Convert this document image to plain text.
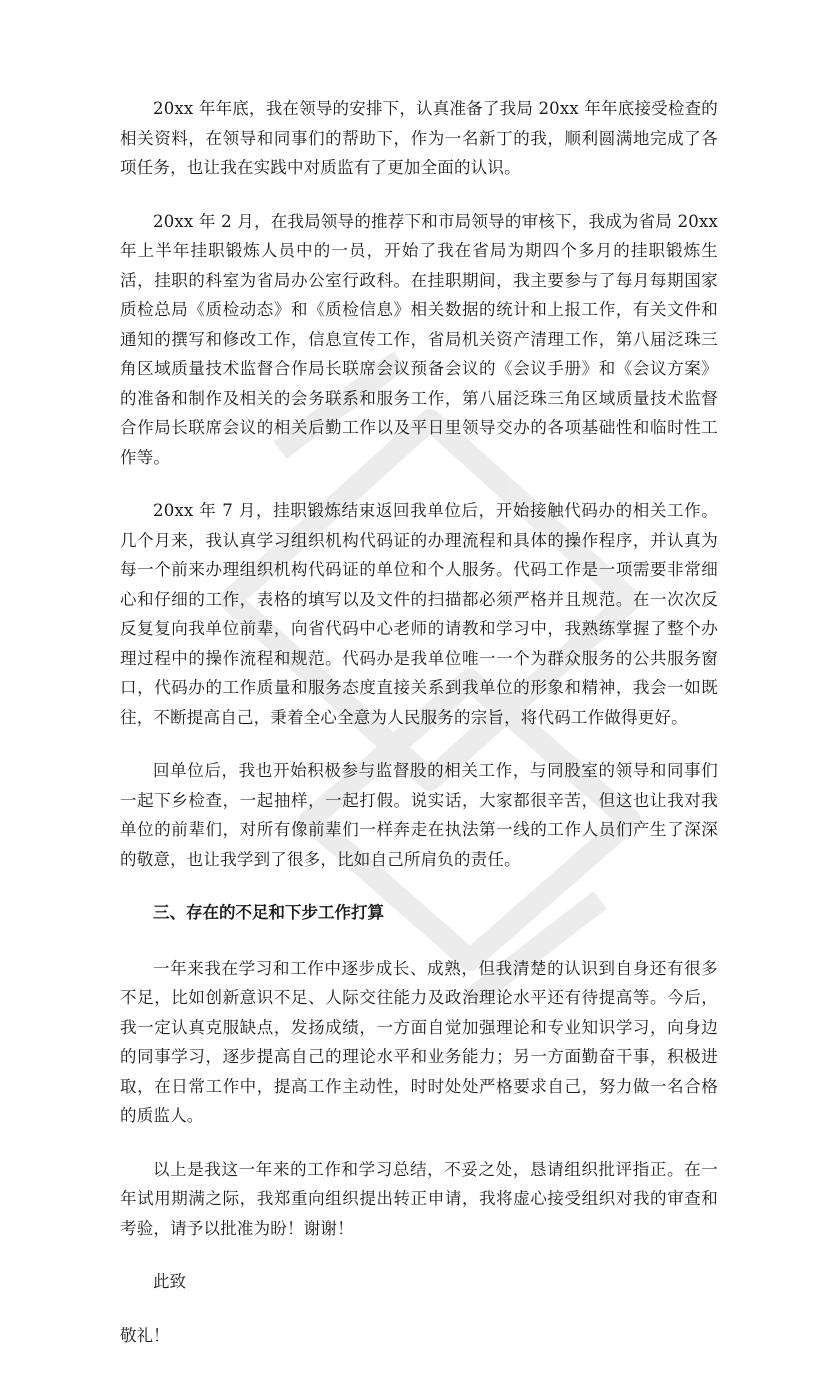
20xx 年年底，我在领导的安排下，认真准备了我局 20xx 年年底接受检查的相关资料，在领导和同事们的帮助下，作为一名新丁的我，顺利圆满地完成了各项任务，也让我在实践中对质监有了更加全面的认识。

20xx 年 2 月，在我局领导的推荐下和市局领导的审核下，我成为省局 20xx 年上半年挂职锻炼人员中的一员，开始了我在省局为期四个多月的挂职锻炼生活，挂职的科室为省局办公室行政科。在挂职期间，我主要参与了每月每期国家质检总局《质检动态》和《质检信息》相关数据的统计和上报工作，有关文件和通知的撰写和修改工作，信息宣传工作，省局机关资产清理工作，第八届泛珠三角区域质量技术监督合作局长联席会议预备会议的《会议手册》和《会议方案》的准备和制作及相关的会务联系和服务工作，第八届泛珠三角区域质量技术监督合作局长联席会议的相关后勤工作以及平日里领导交办的各项基础性和临时性工作等。

20xx 年 7 月，挂职锻炼结束返回我单位后，开始接触代码办的相关工作。几个月来，我认真学习组织机构代码证的办理流程和具体的操作程序，并认真为每一个前来办理组织机构代码证的单位和个人服务。代码工作是一项需要非常细心和仔细的工作，表格的填写以及文件的扫描都必须严格并且规范。在一次次反反复复向我单位前辈，向省代码中心老师的请教和学习中，我熟练掌握了整个办理过程中的操作流程和规范。代码办是我单位唯一一个为群众服务的公共服务窗口，代码办的工作质量和服务态度直接关系到我单位的形象和精神，我会一如既往，不断提高自己，秉着全心全意为人民服务的宗旨，将代码工作做得更好。

回单位后，我也开始积极参与监督股的相关工作，与同股室的领导和同事们一起下乡检查，一起抽样，一起打假。说实话，大家都很辛苦，但这也让我对我单位的前辈们，对所有像前辈们一样奔走在执法第一线的工作人员们产生了深深的敬意，也让我学到了很多，比如自己所肩负的责任。

三、存在的不足和下步工作打算

一年来我在学习和工作中逐步成长、成熟，但我清楚的认识到自身还有很多不足，比如创新意识不足、人际交往能力及政治理论水平还有待提高等。今后，我一定认真克服缺点，发扬成绩，一方面自觉加强理论和专业知识学习，向身边的同事学习，逐步提高自己的理论水平和业务能力；另一方面勤奋干事，积极进取，在日常工作中，提高工作主动性，时时处处严格要求自己，努力做一名合格的质监人。

以上是我这一年来的工作和学习总结，不妥之处，恳请组织批评指正。在一年试用期满之际，我郑重向组织提出转正申请，我将虚心接受组织对我的审查和考验，请予以批准为盼！谢谢！

此致

敬礼！
